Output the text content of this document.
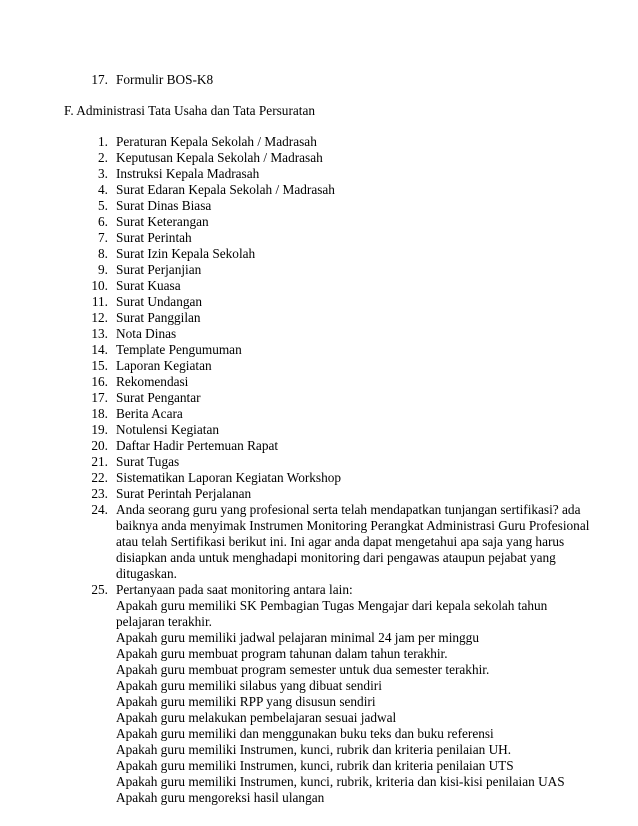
17. Formulir BOS-K8
F. Administrasi Tata Usaha dan Tata Persuratan
1. Peraturan Kepala Sekolah / Madrasah
2. Keputusan Kepala Sekolah / Madrasah
3. Instruksi Kepala Madrasah
4. Surat Edaran Kepala Sekolah / Madrasah
5. Surat Dinas Biasa
6. Surat Keterangan
7. Surat Perintah
8. Surat Izin Kepala Sekolah
9. Surat Perjanjian
10. Surat Kuasa
11. Surat Undangan
12. Surat Panggilan
13. Nota Dinas
14. Template Pengumuman
15. Laporan Kegiatan
16. Rekomendasi
17. Surat Pengantar
18. Berita Acara
19. Notulensi Kegiatan
20. Daftar Hadir Pertemuan Rapat
21. Surat Tugas
22. Sistematikan Laporan Kegiatan Workshop
23. Surat Perintah Perjalanan
24. Anda seorang guru yang profesional serta telah mendapatkan tunjangan sertifikasi? ada
baiknya anda menyimak Instrumen Monitoring Perangkat Administrasi Guru Profesional
atau telah Sertifikasi berikut ini. Ini agar anda dapat mengetahui apa saja yang harus
disiapkan anda untuk menghadapi monitoring dari pengawas ataupun pejabat yang
ditugaskan.
25. Pertanyaan pada saat monitoring antara lain:
Apakah guru memiliki SK Pembagian Tugas Mengajar dari kepala sekolah tahun
pelajaran terakhir.
Apakah guru memiliki jadwal pelajaran minimal 24 jam per minggu
Apakah guru membuat program tahunan dalam tahun terakhir.
Apakah guru membuat program semester untuk dua semester terakhir.
Apakah guru memiliki silabus yang dibuat sendiri
Apakah guru memiliki RPP yang disusun sendiri
Apakah guru melakukan pembelajaran sesuai jadwal
Apakah guru memiliki dan menggunakan buku teks dan buku referensi
Apakah guru memiliki Instrumen, kunci, rubrik dan kriteria penilaian UH.
Apakah guru memiliki Instrumen, kunci, rubrik dan kriteria penilaian UTS
Apakah guru memiliki Instrumen, kunci, rubrik, kriteria dan kisi-kisi penilaian UAS
Apakah guru mengoreksi hasil ulangan
